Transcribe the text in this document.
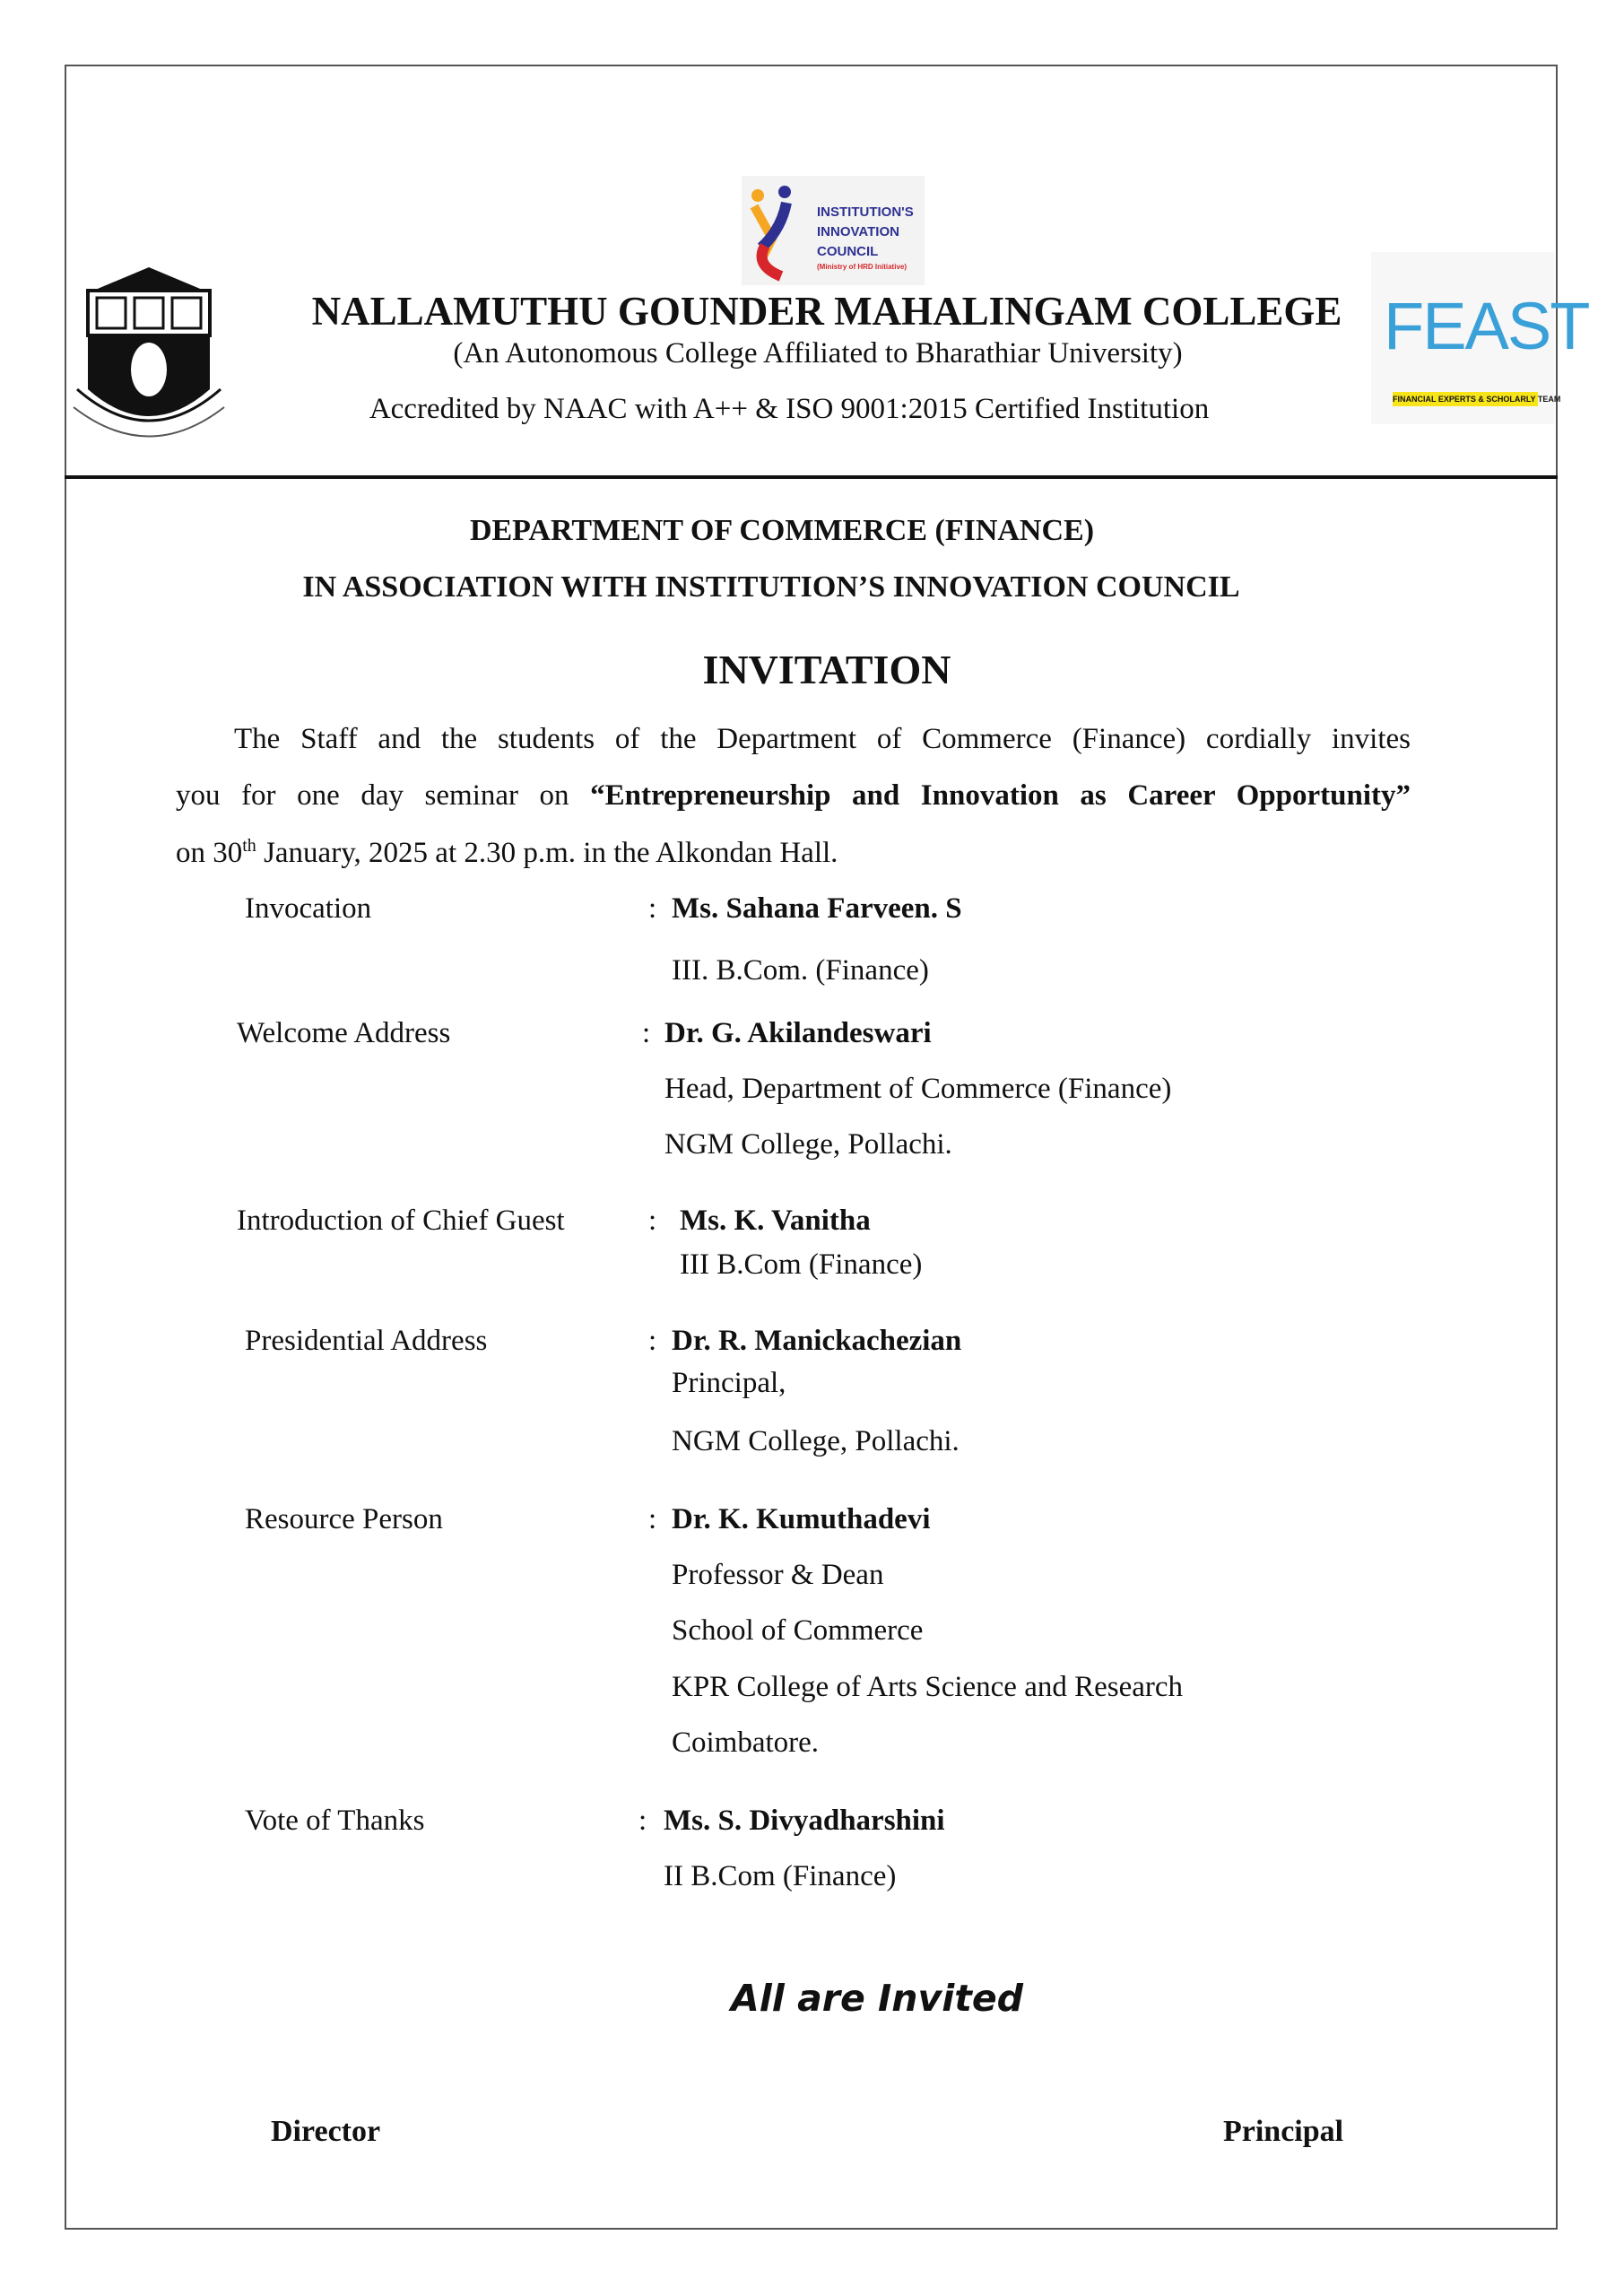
INSTITUTION'S
INNOVATION
COUNCIL
(Ministry of HRD Initiative)
FEAST
FINANCIAL EXPERTS & SCHOLARLY TEAM
NALLAMUTHU GOUNDER MAHALINGAM COLLEGE
(An Autonomous College Affiliated to Bharathiar University)
Accredited by NAAC with A++ & ISO 9001:2015 Certified Institution
DEPARTMENT OF COMMERCE (FINANCE)
IN ASSOCIATION WITH INSTITUTION’S INNOVATION COUNCIL
INVITATION
The Staff and the students of the Department of Commerce (Finance) cordially invites
you for one day seminar on “Entrepreneurship and Innovation as Career Opportunity”
on 30th January, 2025 at 2.30 p.m. in the Alkondan Hall.
Invocation	: Ms. Sahana Farveen. S
III. B.Com. (Finance)
Welcome Address	: Dr. G. Akilandeswari
Head, Department of Commerce (Finance)
NGM College, Pollachi.
Introduction of Chief Guest	: Ms. K. Vanitha
III B.Com (Finance)
Presidential Address	: Dr. R. Manickachezian
Principal,
NGM College, Pollachi.
Resource Person	: Dr. K. Kumuthadevi
Professor & Dean
School of Commerce
KPR College of Arts Science and Research
Coimbatore.
Vote of Thanks	: Ms. S. Divyadharshini
II B.Com (Finance)
All are Invited
Director	Principal
